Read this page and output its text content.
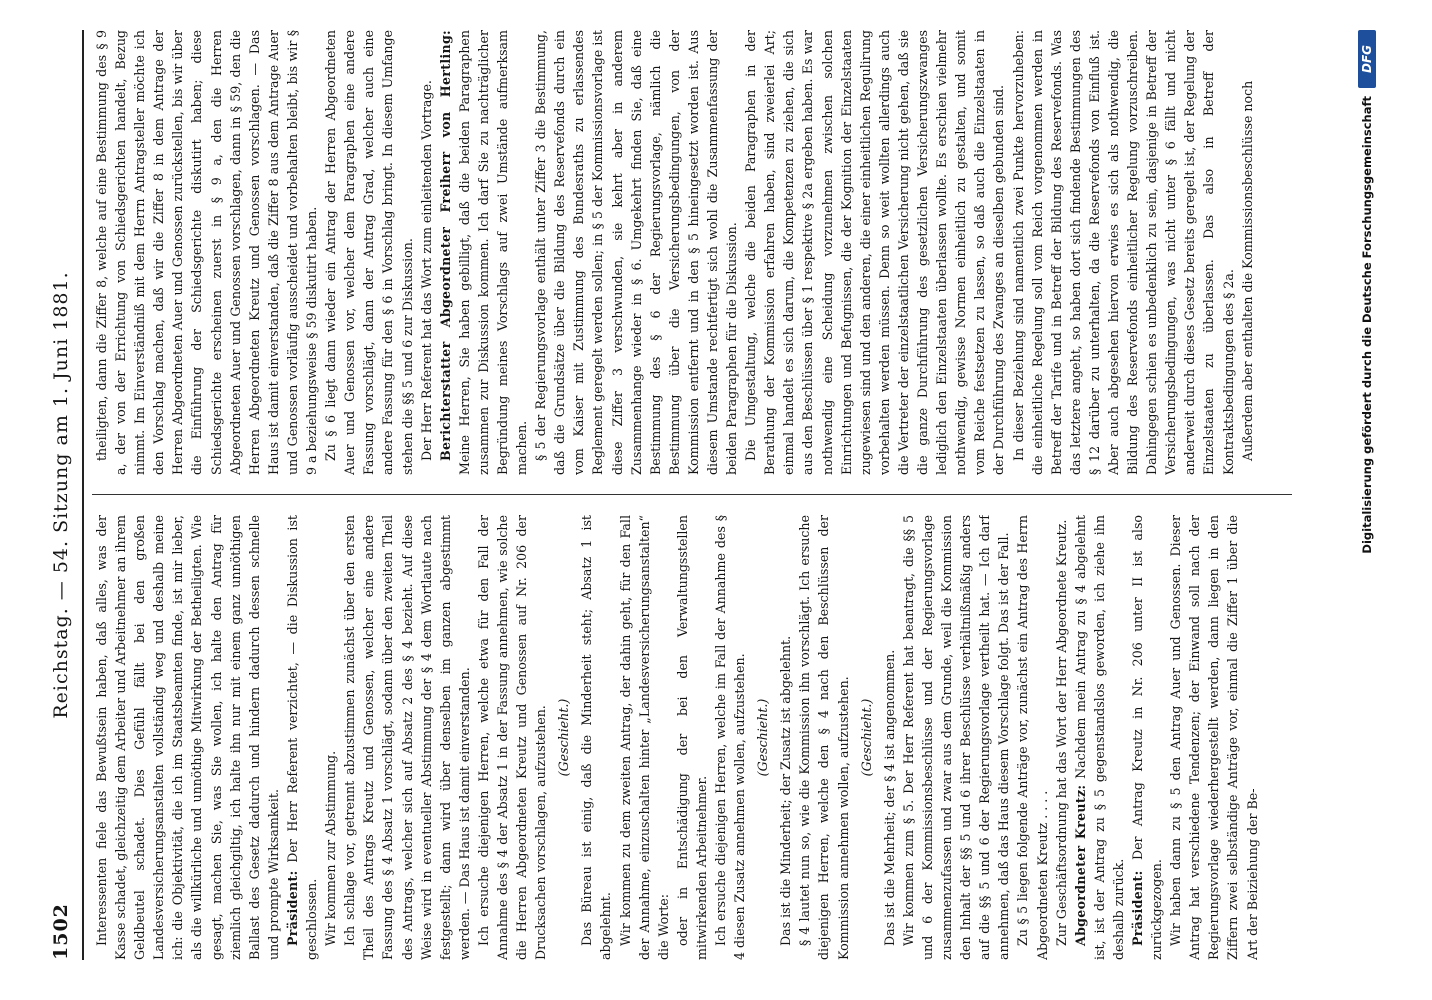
1502
Reichstag. — 54. Sitzung am 1. Juni 1881.

Interessenten fiele das Bewußtsein haben, daß alles, was der Kasse schadet, gleichzeitig dem Arbeiter und Arbeitnehmer an ihrem Geldbeutel schadet. Dies Gefühl fällt bei den großen Landesversicherungsanstalten vollständig weg und deshalb meine ich: die Objektivität, die ich im Staatsbeamten finde, ist mir lieber, als die willkürliche und unnöthige Mitwirkung der Betheiligten. Wie gesagt, machen Sie, was Sie wollen, ich halte den Antrag für ziemlich gleichgiltig, ich halte ihn nur mit einem ganz unnöthigen Ballast des Gesetz dadurch und hindern dadurch dessen schnelle und prompte Wirksamkeit. Präsident: Der Herr Referent verzichtet, — die Diskussion ist geschlossen. Wir kommen zur Abstimmung. Ich schlage vor, getrennt abzustimmen zunächst über den ersten Theil des Antrags Kreutz und Genossen, welcher eine andere Fassung des § 4 Absatz 1 vorschlägt, sodann über den zweiten Theil des Antrags, welcher sich auf Absatz 2 des § 4 bezieht. Auf diese Weise wird in eventueller Abstimmung der § 4 dem Wortlaute nach festgestellt; dann wird über denselben im ganzen abgestimmt werden. — Das Haus ist damit einverstanden. Ich ersuche diejenigen Herren, welche etwa für den Fall der Annahme des § 4 der Absatz 1 in der Fassung annehmen, wie solche die Herren Abgeordneten Kreutz und Genossen auf Nr. 206 der Drucksachen vorschlagen, aufzustehen. (Geschieht.) Das Büreau ist einig, daß die Minderheit steht; Absatz 1 ist abgelehnt. Wir kommen zu dem zweiten Antrag, der dahin geht, für den Fall der Annahme, einzuschalten hinter „Landesversicherungsanstalten“ die Worte: oder in Entschädigung der bei den Verwaltungsstellen mitwirkenden Arbeitnehmer. Ich ersuche diejenigen Herren, welche im Fall der Annahme des § 4 diesen Zusatz annehmen wollen, aufzustehen. (Geschieht.) Das ist die Minderheit; der Zusatz ist abgelehnt. § 4 lautet nun so, wie die Kommission ihn vorschlägt. Ich ersuche diejenigen Herren, welche den § 4 nach den Beschlüssen der Kommission annehmen wollen, aufzustehen. (Geschieht.) Das ist die Mehrheit; der § 4 ist angenommen. Wir kommen zum § 5. Der Herr Referent hat beantragt, die §§ 5 und 6 der Kommissionsbeschlüsse und der Regierungsvorlage zusammenzufassen und zwar aus dem Grunde, weil die Kommission den Inhalt der §§ 5 und 6 ihrer Beschlüsse verhältnißmäßig anders auf die §§ 5 und 6 der Regierungsvorlage vertheilt hat. — Ich darf annehmen, daß das Haus diesem Vorschlage folgt. Das ist der Fall. Zu § 5 liegen folgende Anträge vor, zunächst ein Antrag des Herrn Abgeordneten Kreutz . . . . Zur Geschäftsordnung hat das Wort der Herr Abgeordnete Kreutz. Abgeordneter Kreutz: Nachdem mein Antrag zu § 4 abgelehnt ist, ist der Antrag zu § 5 gegenstandslos geworden, ich ziehe ihn deshalb zurück. Präsident: Der Antrag Kreutz in Nr. 206 unter II ist also zurückgezogen. Wir haben dann zu § 5 den Antrag Auer und Genossen. Dieser Antrag hat verschiedene Tendenzen; der Einwand soll nach der Regierungsvorlage wiederhergestellt werden, dann liegen in den Ziffern zwei selbständige Anträge vor, einmal die Ziffer 1 über die Art der Beiziehung der Be-

theiligten, dann die Ziffer 8, welche auf eine Bestimmung des § 9 a, der von der Errichtung von Schiedsgerichten handelt, Bezug nimmt. Im Einverständniß mit dem Herrn Antragsteller möchte ich den Vorschlag machen, daß wir die Ziffer 8 in dem Antrage der Herren Abgeordneten Auer und Genossen zurückstellen, bis wir über die Einführung der Schiedsgerichte diskutirt haben; diese Schiedsgerichte erscheinen zuerst in § 9 a, den die Herren Abgeordneten Auer und Genossen vorschlagen, dann in § 59, den die Herren Abgeordneten Kreutz und Genossen vorschlagen. — Das Haus ist damit einverstanden, daß die Ziffer 8 aus dem Antrage Auer und Genossen vorläufig ausscheidet und vorbehalten bleibt, bis wir § 9 a beziehungsweise § 59 diskutirt haben. Zu § 6 liegt dann wieder ein Antrag der Herren Abgeordneten Auer und Genossen vor, welcher dem Paragraphen eine andere Fassung vorschlägt, dann der Antrag Grad, welcher auch eine andere Fassung für den § 6 in Vorschlag bringt. In diesem Umfange stehen die §§ 5 und 6 zur Diskussion. Der Herr Referent hat das Wort zum einleitenden Vortrage. Berichterstatter Abgeordneter Freiherr von Hertling: Meine Herren, Sie haben gebilligt, daß die beiden Paragraphen zusammen zur Diskussion kommen. Ich darf Sie zu nachträglicher Begründung meines Vorschlags auf zwei Umstände aufmerksam machen. § 5 der Regierungsvorlage enthält unter Ziffer 3 die Bestimmung, daß die Grundsätze über die Bildung des Reservefonds durch ein vom Kaiser mit Zustimmung des Bundesraths zu erlassendes Reglement geregelt werden sollen; in § 5 der Kommissionsvorlage ist diese Ziffer 3 verschwunden, sie kehrt aber in anderem Zusammenhange wieder in § 6. Umgekehrt finden Sie, daß eine Bestimmung des § 6 der Regierungsvorlage, nämlich die Bestimmung über die Versicherungsbedingungen, von der Kommission entfernt und in den § 5 hineingesetzt worden ist. Aus diesem Umstande rechtfertigt sich wohl die Zusammenfassung der beiden Paragraphen für die Diskussion. Die Umgestaltung, welche die beiden Paragraphen in der Berathung der Kommission erfahren haben, sind zweierlei Art; einmal handelt es sich darum, die Kompetenzen zu ziehen, die sich aus den Beschlüssen über § 1 respektive § 2a ergeben haben. Es war nothwendig eine Scheidung vorzunehmen zwischen solchen Einrichtungen und Befugnissen, die der Kognition der Einzelstaaten zugewiesen sind und den anderen, die einer einheitlichen Regulirung vorbehalten werden müssen. Denn so weit wollten allerdings auch die Vertreter der einzelstaatlichen Versicherung nicht gehen, daß sie die ganze Durchführung des gesetzlichen Versicherungszwanges lediglich den Einzelstaaten überlassen wollte. Es erschien vielmehr nothwendig, gewisse Normen einheitlich zu gestalten, und somit vom Reiche festsetzen zu lassen, so daß auch die Einzelstaaten in der Durchführung des Zwanges an dieselben gebunden sind. In dieser Beziehung sind namentlich zwei Punkte hervorzuheben: die einheitliche Regelung soll vom Reich vorgenommen werden in Betreff der Tarife und in Betreff der Bildung des Reservefonds. Was das letztere angeht, so haben dort sich findende Bestimmungen des § 12 darüber zu unterhalten, da die Reservefonds von Einfluß ist. Aber auch abgesehen hiervon erwies es sich als nothwendig, die Bildung des Reservefonds einheitlicher Regelung vorzuschreiben. Dahingegen schien es unbedenklich zu sein, dasjenige in Betreff der Versicherungsbedingungen, was nicht unter § 6 fällt und nicht anderweit durch dieses Gesetz bereits geregelt ist, der Regelung der Einzelstaaten zu überlassen. Das also in Betreff der Kontraktsbedingungen des § 2a. Außerdem aber enthalten die Kommissionsbeschlüsse noch	Digitalisierung gefördert durch die Deutsche Forschungsgemeinschaft
DFG
